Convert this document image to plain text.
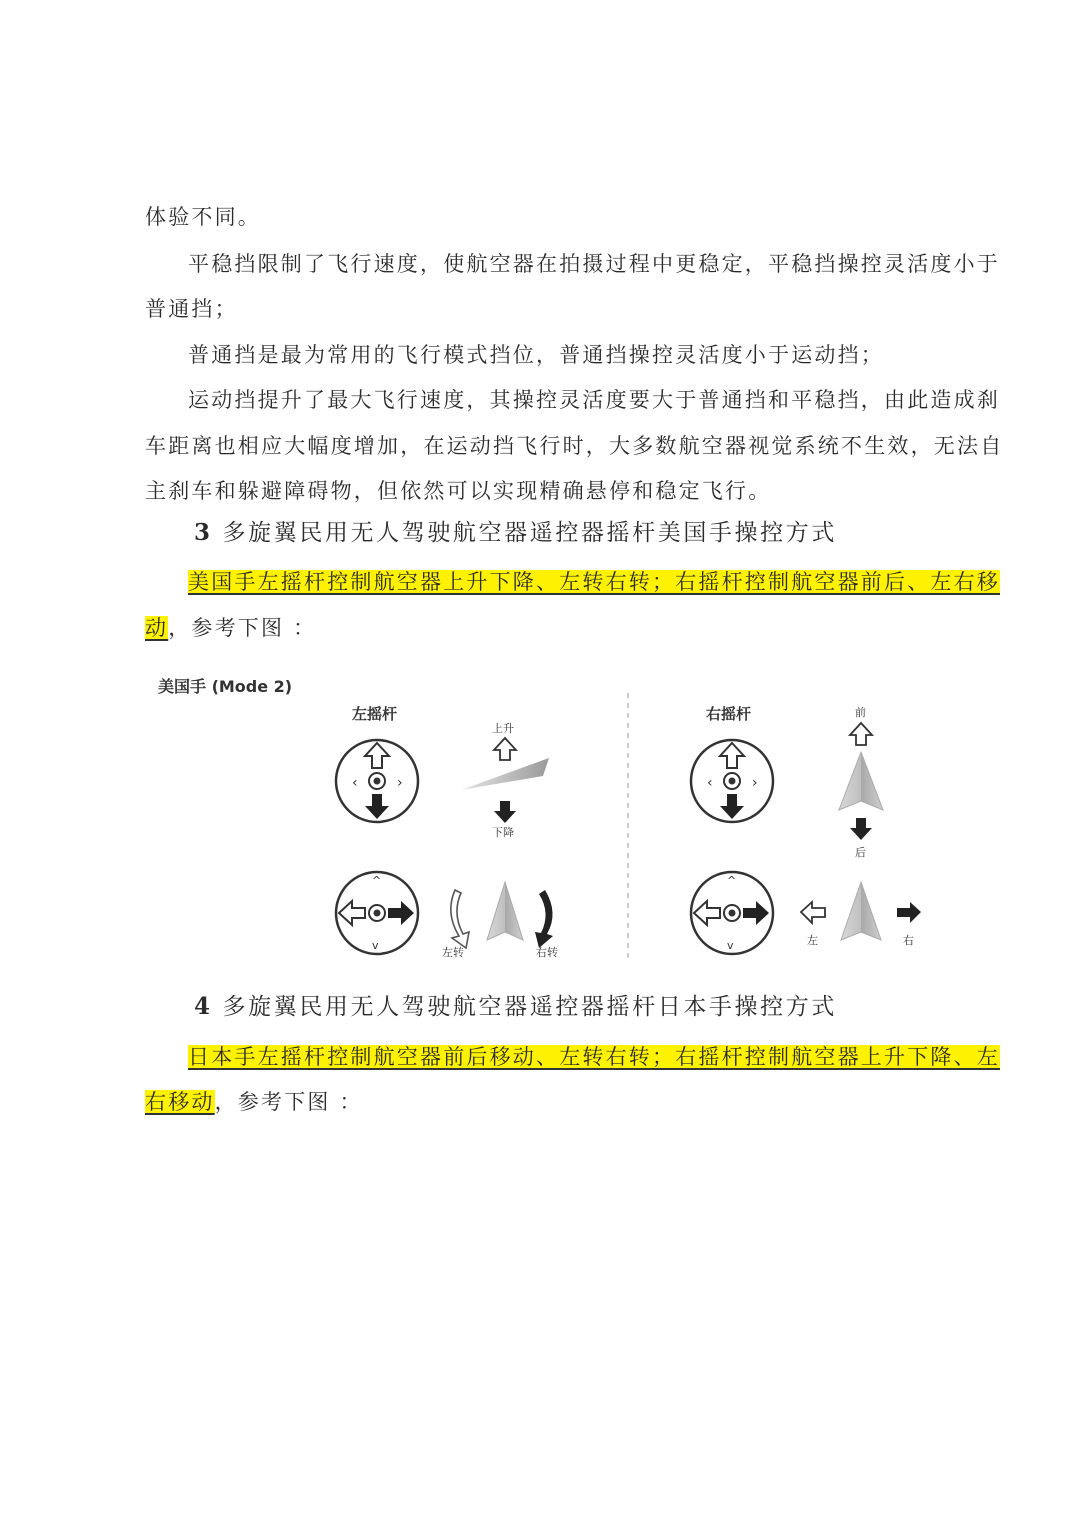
体验不同。
平稳挡限制了飞行速度，使航空器在拍摄过程中更稳定，平稳挡操控灵活度小于
普通挡；
普通挡是最为常用的飞行模式挡位，普通挡操控灵活度小于运动挡；
运动挡提升了最大飞行速度，其操控灵活度要大于普通挡和平稳挡，由此造成刹
车距离也相应大幅度增加，在运动挡飞行时，大多数航空器视觉系统不生效，无法自
主刹车和躲避障碍物，但依然可以实现精确悬停和稳定飞行。
3 多旋翼民用无人驾驶航空器遥控器摇杆美国手操控方式
美国手左摇杆控制航空器上升下降、左转右转；右摇杆控制航空器前后、左右移
动，参考下图 ：
美国手 (Mode 2)
左摇杆	右摇杆
‹	›
上升
下降
^
v
左转	右转
‹	›
前
后
^
v	左	右
4 多旋翼民用无人驾驶航空器遥控器摇杆日本手操控方式
日本手左摇杆控制航空器前后移动、左转右转；右摇杆控制航空器上升下降、左
右移动，参考下图 ：
